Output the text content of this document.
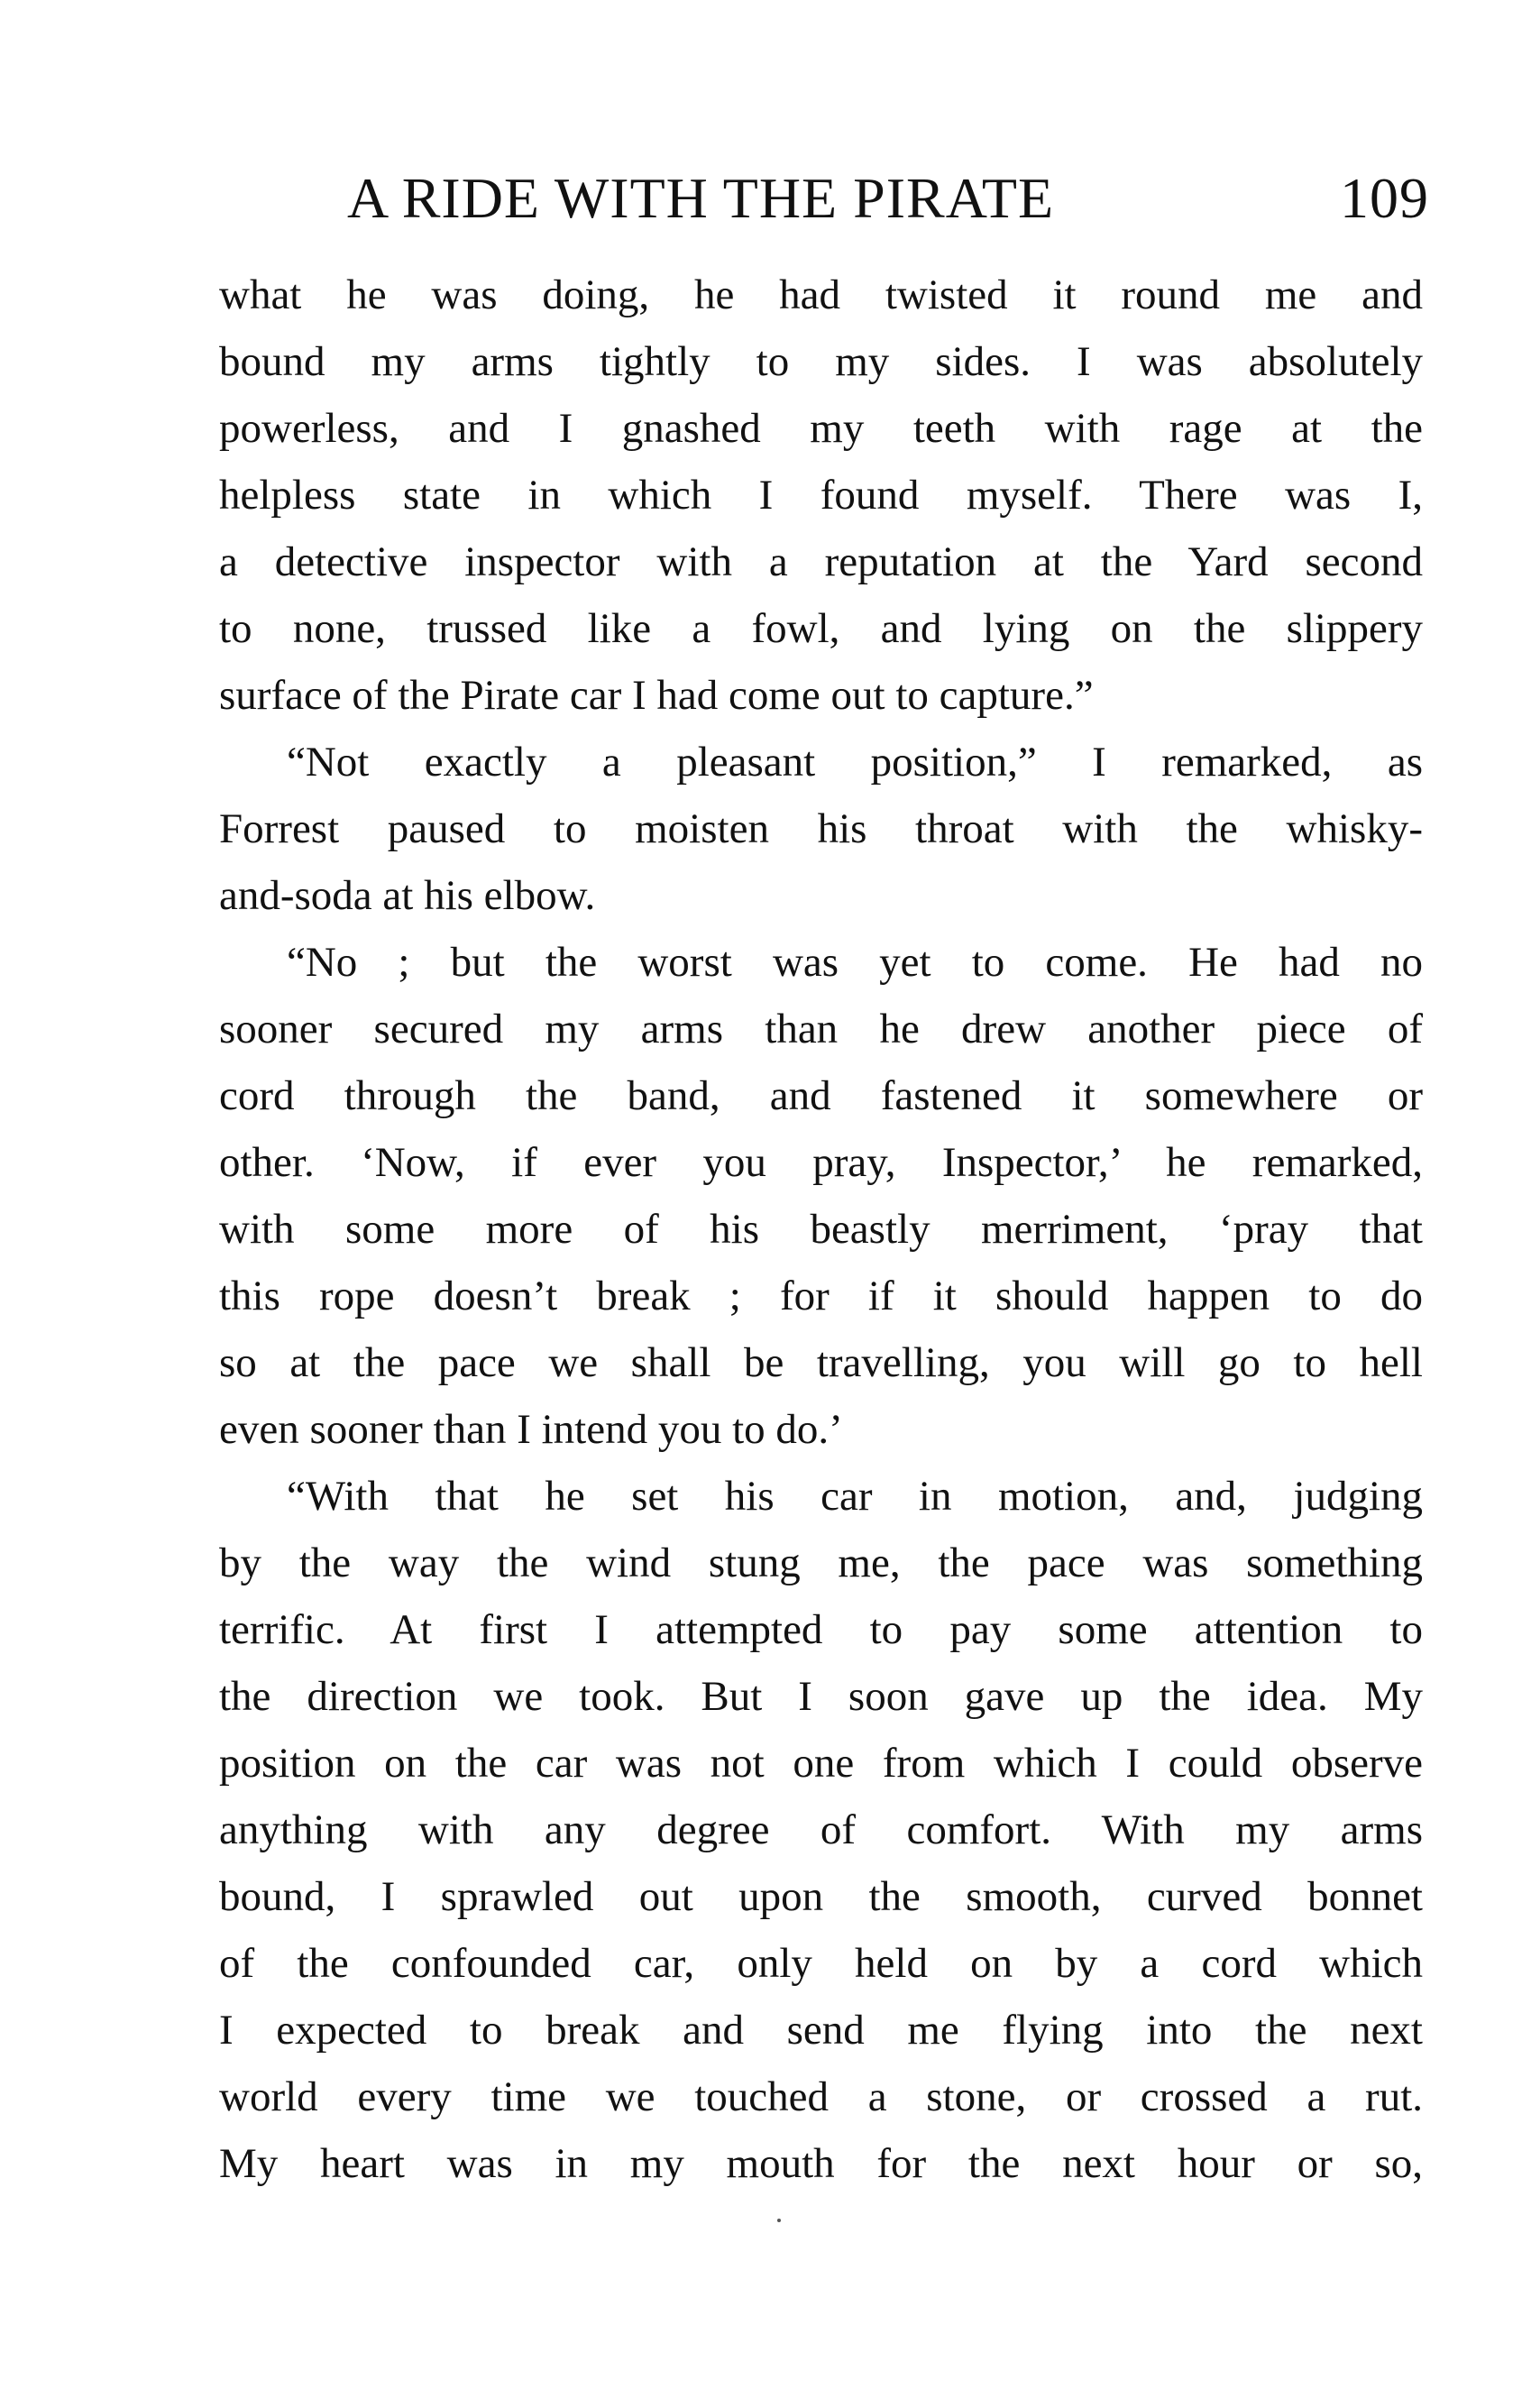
A RIDE WITH THE PIRATE	109
what he was doing, he had twisted it round me and
bound my arms tightly to my sides. I was absolutely
powerless, and I gnashed my teeth with rage at the
helpless state in which I found myself. There was I,
a detective inspector with a reputation at the Yard second
to none, trussed like a fowl, and lying on the slippery
surface of the Pirate car I had come out to capture.”
“Not exactly a pleasant position,” I remarked, as
Forrest paused to moisten his throat with the whisky-
and-soda at his elbow.
“No ; but the worst was yet to come. He had no
sooner secured my arms than he drew another piece of
cord through the band, and fastened it somewhere or
other. ‘Now, if ever you pray, Inspector,’ he remarked,
with some more of his beastly merriment, ‘pray that
this rope doesn’t break ; for if it should happen to do
so at the pace we shall be travelling, you will go to hell
even sooner than I intend you to do.’
“With that he set his car in motion, and, judging
by the way the wind stung me, the pace was something
terrific. At first I attempted to pay some attention to
the direction we took. But I soon gave up the idea. My
position on the car was not one from which I could observe
anything with any degree of comfort. With my arms
bound, I sprawled out upon the smooth, curved bonnet
of the confounded car, only held on by a cord which
I expected to break and send me flying into the next
world every time we touched a stone, or crossed a rut.
My heart was in my mouth for the next hour or so,
